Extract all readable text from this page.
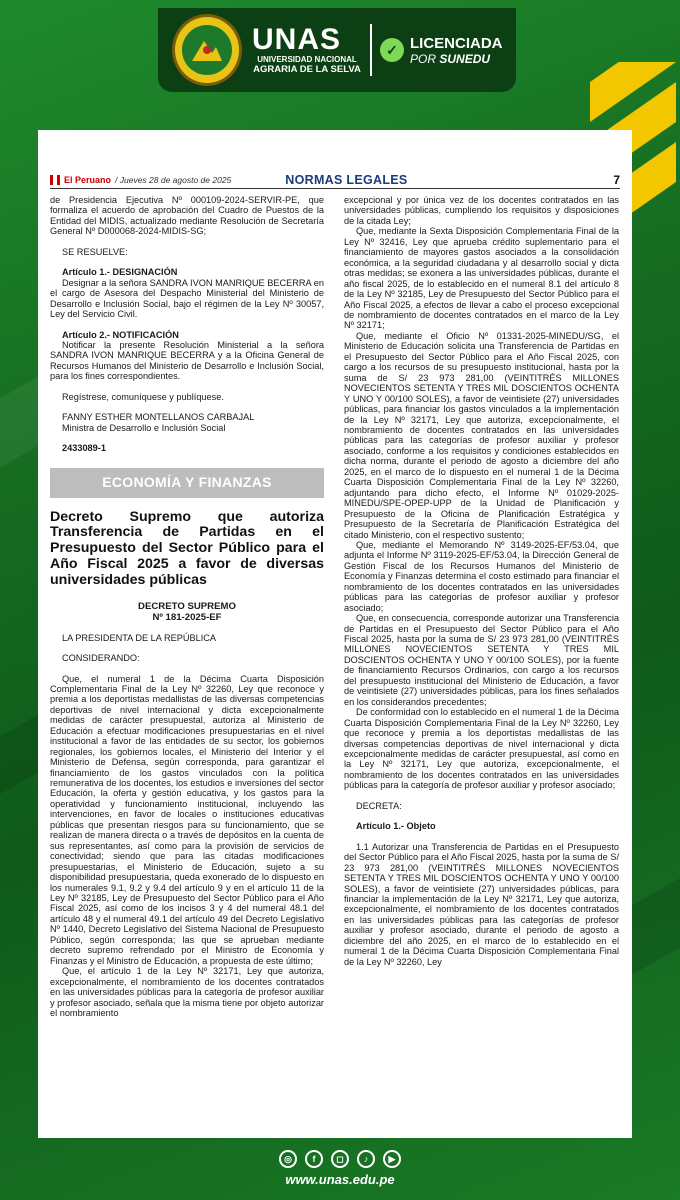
UNAS
UNIVERSIDAD NACIONAL
AGRARIA DE LA SELVA
✓ LICENCIADA
POR SUNEDU
El Peruano / Jueves 28 de agosto de 2025	NORMAS LEGALES	7

de Presidencia Ejecutiva Nº 000109-2024-SERVIR-PE, que formaliza el acuerdo de aprobación del Cuadro de Puestos de la Entidad del MIDIS, actualizado mediante Resolución de Secretaría General Nº D000068-2024-MIDIS-SG;

SE RESUELVE:

Artículo 1.- DESIGNACIÓN

Designar a la señora SANDRA IVON MANRIQUE BECERRA en el cargo de Asesora del Despacho Ministerial del Ministerio de Desarrollo e Inclusión Social, bajo el régimen de la Ley Nº 30057, Ley del Servicio Civil.

Artículo 2.- NOTIFICACIÓN

Notificar la presente Resolución Ministerial a la señora SANDRA IVON MANRIQUE BECERRA y a la Oficina General de Recursos Humanos del Ministerio de Desarrollo e Inclusión Social, para los fines correspondientes.

Regístrese, comuníquese y publíquese.

FANNY ESTHER MONTELLANOS CARBAJAL

Ministra de Desarrollo e Inclusión Social

2433089-1

ECONOMÍA Y FINANZAS
Decreto Supremo que autoriza Transferencia de Partidas en el Presupuesto del Sector Público para el Año Fiscal 2025 a favor de diversas universidades públicas
DECRETO SUPREMO
Nº 181-2025-EF

LA PRESIDENTA DE LA REPÚBLICA

CONSIDERANDO:

Que, el numeral 1 de la Décima Cuarta Disposición Complementaria Final de la Ley Nº 32260, Ley que reconoce y premia a los deportistas medallistas de las diversas competencias deportivas de nivel internacional y dicta excepcionalmente medidas de carácter presupuestal, autoriza al Ministerio de Educación a efectuar modificaciones presupuestarias en el nivel institucional a favor de las entidades de su sector, los gobiernos regionales, los gobiernos locales, el Ministerio del Interior y el Ministerio de Defensa, según corresponda, para garantizar el financiamiento de los gastos vinculados con la política remunerativa de los docentes, los estudios e inversiones del sector Educación, la oferta y gestión educativa, y los gastos para la operatividad y funcionamiento institucional, incluyendo las intervenciones, en favor de locales o instituciones educativas públicas que presentan riesgos para su funcionamiento, que se realizan de manera directa o a través de depósitos en la cuenta de sus representantes, así como para la provisión de servicios de conectividad; siendo que para las citadas modificaciones presupuestarias, el Ministerio de Educación, sujeto a su disponibilidad presupuestaria, queda exonerado de lo dispuesto en los numerales 9.1, 9.2 y 9.4 del artículo 9 y en el artículo 11 de la Ley Nº 32185, Ley de Presupuesto del Sector Público para el Año Fiscal 2025, así como de los incisos 3 y 4 del numeral 48.1 del artículo 48 y el numeral 49.1 del artículo 49 del Decreto Legislativo Nº 1440, Decreto Legislativo del Sistema Nacional de Presupuesto Público, según corresponda; las que se aprueban mediante decreto supremo refrendado por el Ministro de Economía y Finanzas y el Ministro de Educación, a propuesta de este último;

Que, el artículo 1 de la Ley Nº 32171, Ley que autoriza, excepcionalmente, el nombramiento de los docentes contratados en las universidades públicas para la categoría de profesor auxiliar y profesor asociado, señala que la misma tiene por objeto autorizar el nombramiento

excepcional y por única vez de los docentes contratados en las universidades públicas, cumpliendo los requisitos y disposiciones de la citada Ley;

Que, mediante la Sexta Disposición Complementaria Final de la Ley Nº 32416, Ley que aprueba crédito suplementario para el financiamiento de mayores gastos asociados a la consolidación económica, a la seguridad ciudadana y al desarrollo social y dicta otras medidas; se exonera a las universidades públicas, durante el año fiscal 2025, de lo establecido en el numeral 8.1 del artículo 8 de la Ley Nº 32185, Ley de Presupuesto del Sector Público para el Año Fiscal 2025, a efectos de llevar a cabo el proceso excepcional de nombramiento de docentes contratados en el marco de la Ley Nº 32171;

Que, mediante el Oficio Nº 01331-2025-MINEDU/SG, el Ministerio de Educación solicita una Transferencia de Partidas en el Presupuesto del Sector Público para el Año Fiscal 2025, con cargo a los recursos de su presupuesto institucional, hasta por la suma de S/ 23 973 281,00 (VEINTITRÉS MILLONES NOVECIENTOS SETENTA Y TRES MIL DOSCIENTOS OCHENTA Y UNO Y 00/100 SOLES), a favor de veintisiete (27) universidades públicas, para financiar los gastos vinculados a la implementación de la Ley Nº 32171, Ley que autoriza, excepcionalmente, el nombramiento de docentes contratados en las universidades públicas para las categorías de profesor auxiliar y profesor asociado, conforme a los requisitos y condiciones establecidos en dicha norma, durante el periodo de agosto a diciembre del año 2025, en el marco de lo dispuesto en el numeral 1 de la Décima Cuarta Disposición Complementaria Final de la Ley Nº 32260, adjuntando para dicho efecto, el Informe Nº 01029-2025-MINEDU/SPE-OPEP-UPP de la Unidad de Planificación y Presupuesto de la Oficina de Planificación Estratégica y Presupuesto de la Secretaría de Planificación Estratégica del citado Ministerio, con el respectivo sustento;

Que, mediante el Memorando Nº 3149-2025-EF/53.04, que adjunta el Informe Nº 3119-2025-EF/53.04, la Dirección General de Gestión Fiscal de los Recursos Humanos del Ministerio de Economía y Finanzas determina el costo estimado para financiar el nombramiento de los docentes contratados en las universidades públicas para las categorías de profesor auxiliar y profesor asociado;

Que, en consecuencia, corresponde autorizar una Transferencia de Partidas en el Presupuesto del Sector Público para el Año Fiscal 2025, hasta por la suma de S/ 23 973 281,00 (VEINTITRÉS MILLONES NOVECIENTOS SETENTA Y TRES MIL DOSCIENTOS OCHENTA Y UNO Y 00/100 SOLES), por la fuente de financiamiento Recursos Ordinarios, con cargo a los recursos del presupuesto institucional del Ministerio de Educación, a favor de veintisiete (27) universidades públicas, para los fines señalados en los considerandos precedentes;

De conformidad con lo establecido en el numeral 1 de la Décima Cuarta Disposición Complementaria Final de la Ley Nº 32260, Ley que reconoce y premia a los deportistas medallistas de las diversas competencias deportivas de nivel internacional y dicta excepcionalmente medidas de carácter presupuestal, así como en la Ley Nº 32171, Ley que autoriza, excepcionalmente, el nombramiento de los docentes contratados en las universidades públicas para la categoría de profesor auxiliar y profesor asociado;

DECRETA:

Artículo 1.- Objeto

1.1 Autorizar una Transferencia de Partidas en el Presupuesto del Sector Público para el Año Fiscal 2025, hasta por la suma de S/ 23 973 281,00 (VEINTITRÉS MILLONES NOVECIENTOS SETENTA Y TRES MIL DOSCIENTOS OCHENTA Y UNO Y 00/100 SOLES), a favor de veintisiete (27) universidades públicas, para financiar la implementación de la Ley Nº 32171, Ley que autoriza, excepcionalmente, el nombramiento de los docentes contratados en las universidades públicas para las categorías de profesor auxiliar y profesor asociado, durante el periodo de agosto a diciembre del año 2025, en el marco de lo establecido en el numeral 1 de la Décima Cuarta Disposición Complementaria Final de la Ley Nº 32260, Ley

◎	f	◻	♪	▶
www.unas.edu.pe
